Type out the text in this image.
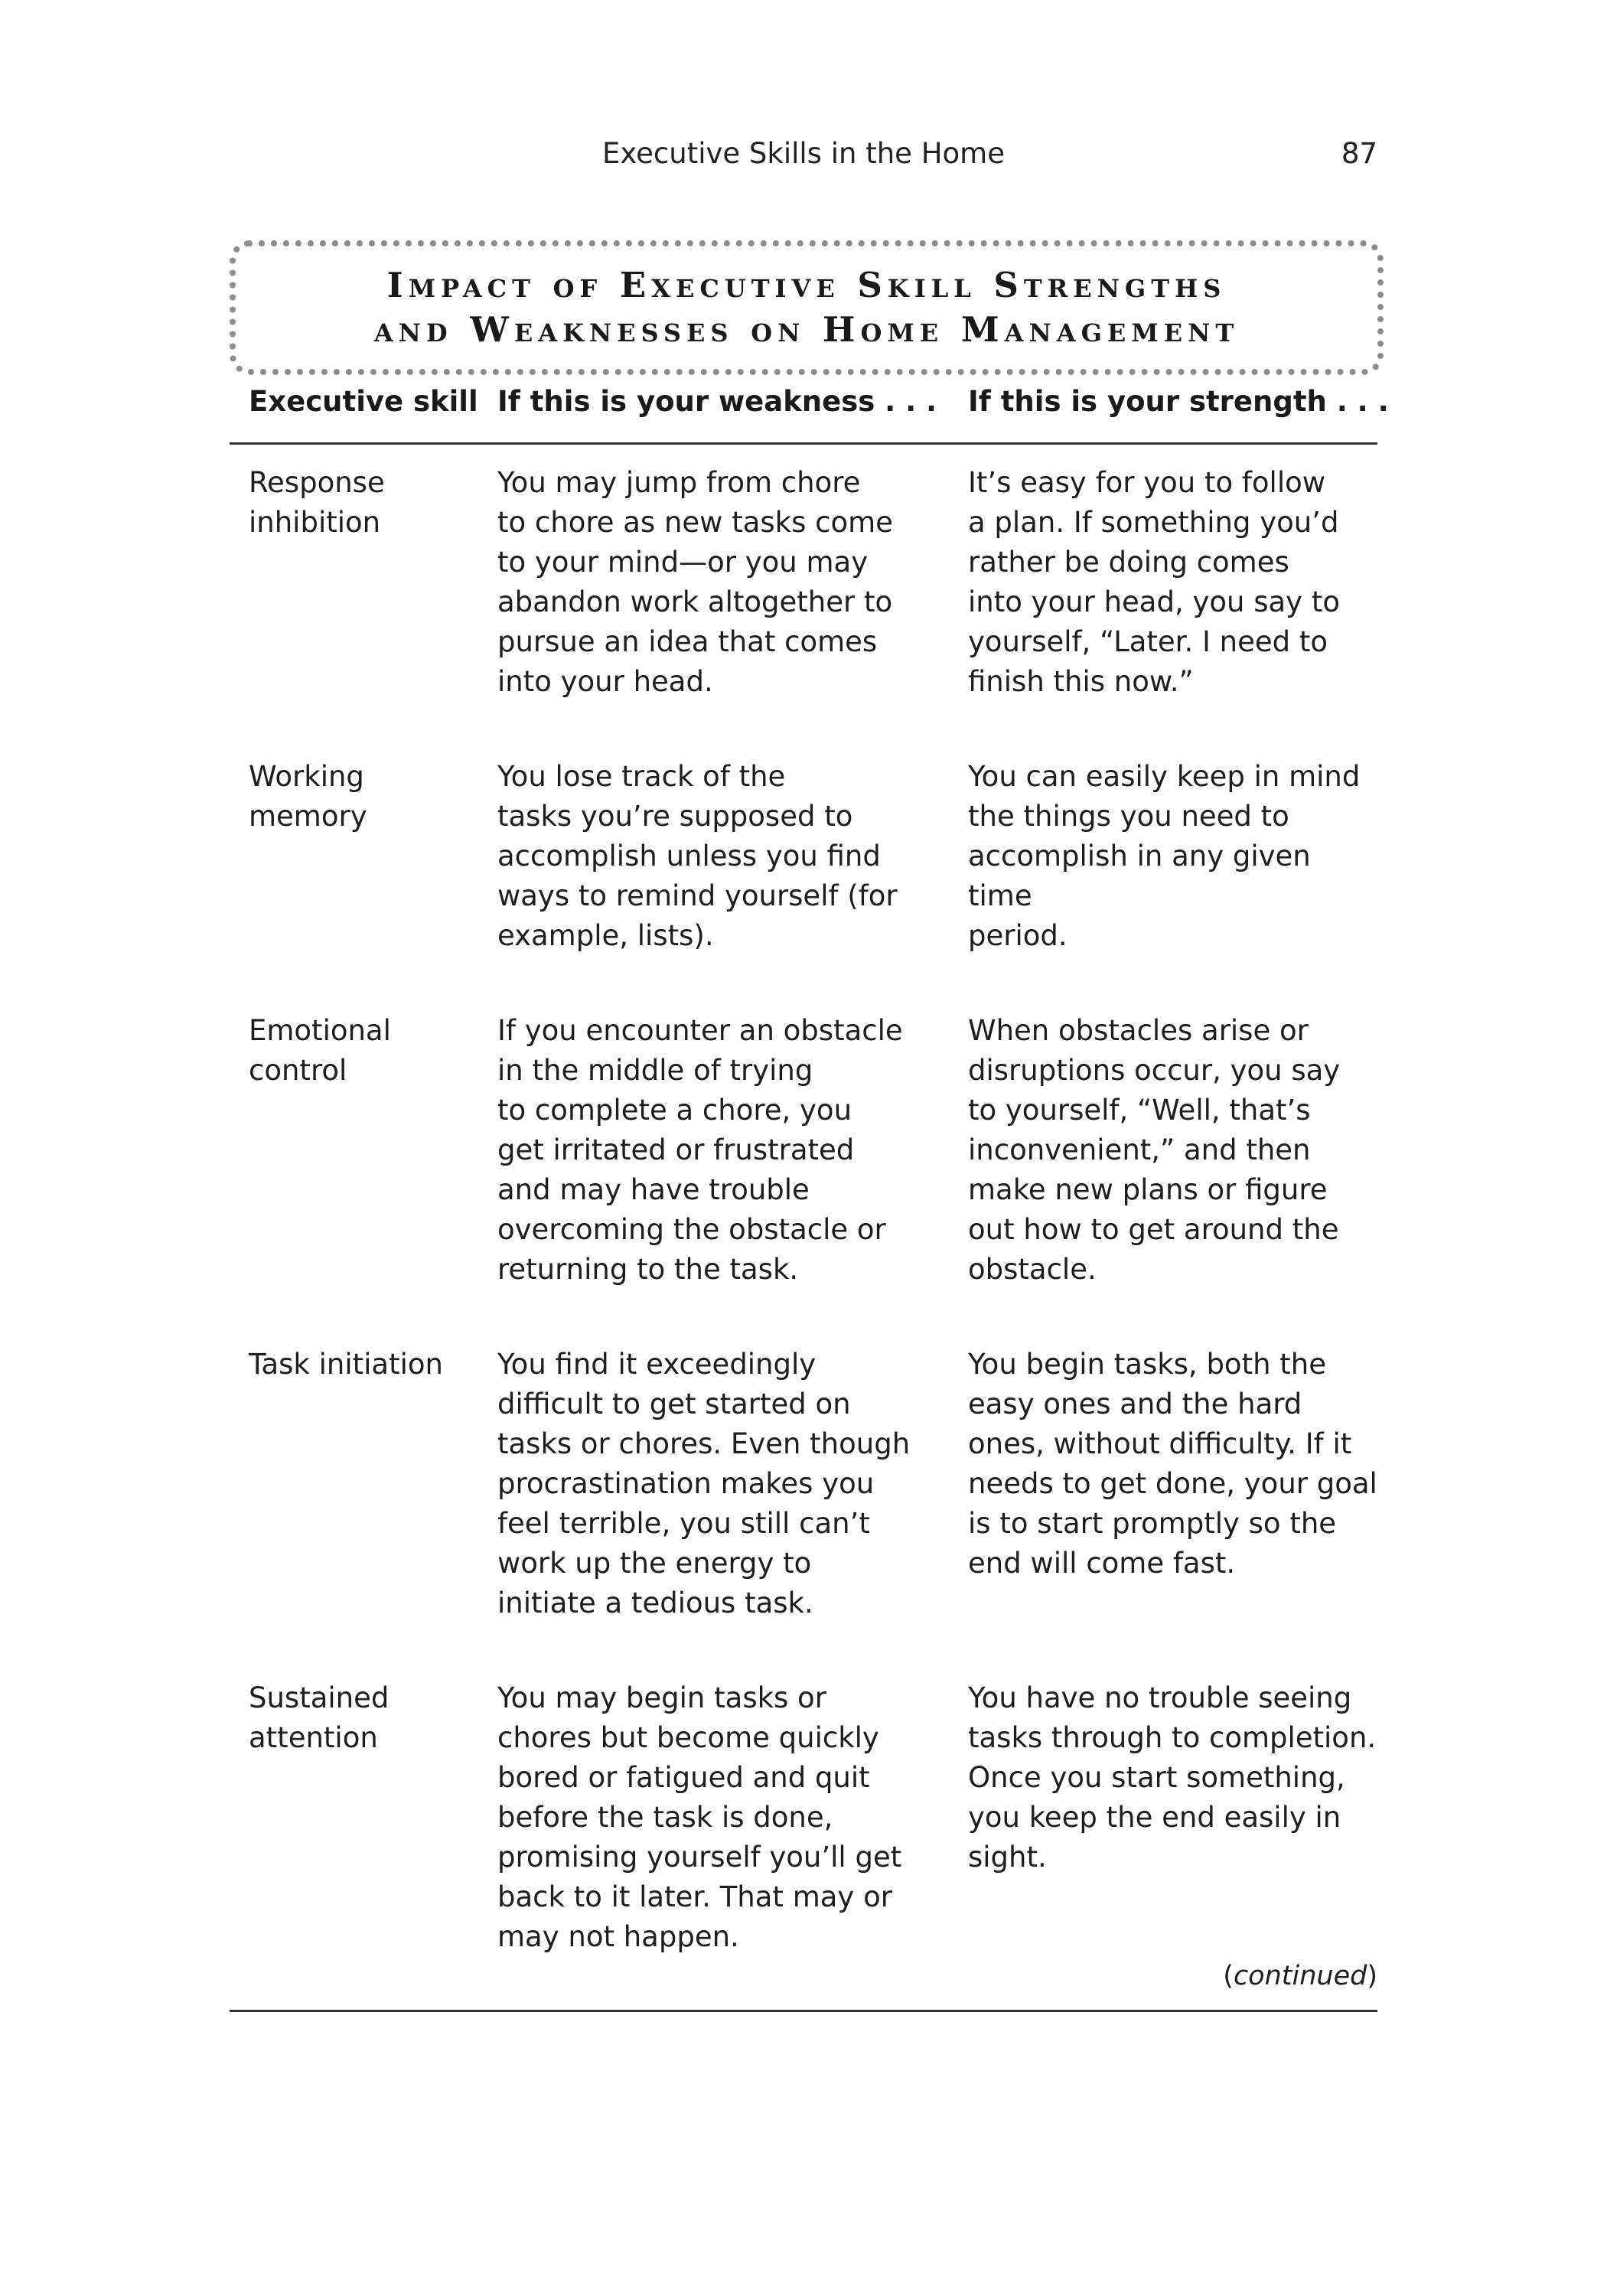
Executive Skills in the Home	87
Impact of Executive Skill Strengths
and Weaknesses on Home Management
Executive skill If this is your weakness . . . If this is your strength . . .
Response
inhibition
You may jump from chore
to chore as new tasks come
to your mind—or you may
abandon work altogether to
pursue an idea that comes
into your head.
It’s easy for you to follow
a plan. If something you’d
rather be doing comes
into your head, you say to
yourself, “Later. I need to
finish this now.”
Working
memory
You lose track of the
tasks you’re supposed to
accomplish unless you find
ways to remind yourself (for
example, lists).
You can easily keep in mind
the things you need to
accomplish in any given time
period.
Emotional
control
If you encounter an obstacle
in the middle of trying
to complete a chore, you
get irritated or frustrated
and may have trouble
overcoming the obstacle or
returning to the task.
When obstacles arise or
disruptions occur, you say
to yourself, “Well, that’s
inconvenient,” and then
make new plans or figure
out how to get around the
obstacle.
Task initiation	You find it exceedingly
difficult to get started on
tasks or chores. Even though
procrastination makes you
feel terrible, you still can’t
work up the energy to
initiate a tedious task.
You begin tasks, both the
easy ones and the hard
ones, without difficulty. If it
needs to get done, your goal
is to start promptly so the
end will come fast.
Sustained
attention
You may begin tasks or
chores but become quickly
bored or fatigued and quit
before the task is done,
promising yourself you’ll get
back to it later. That may or
may not happen.
You have no trouble seeing
tasks through to completion.
Once you start something,
you keep the end easily in
sight.
(continued)
